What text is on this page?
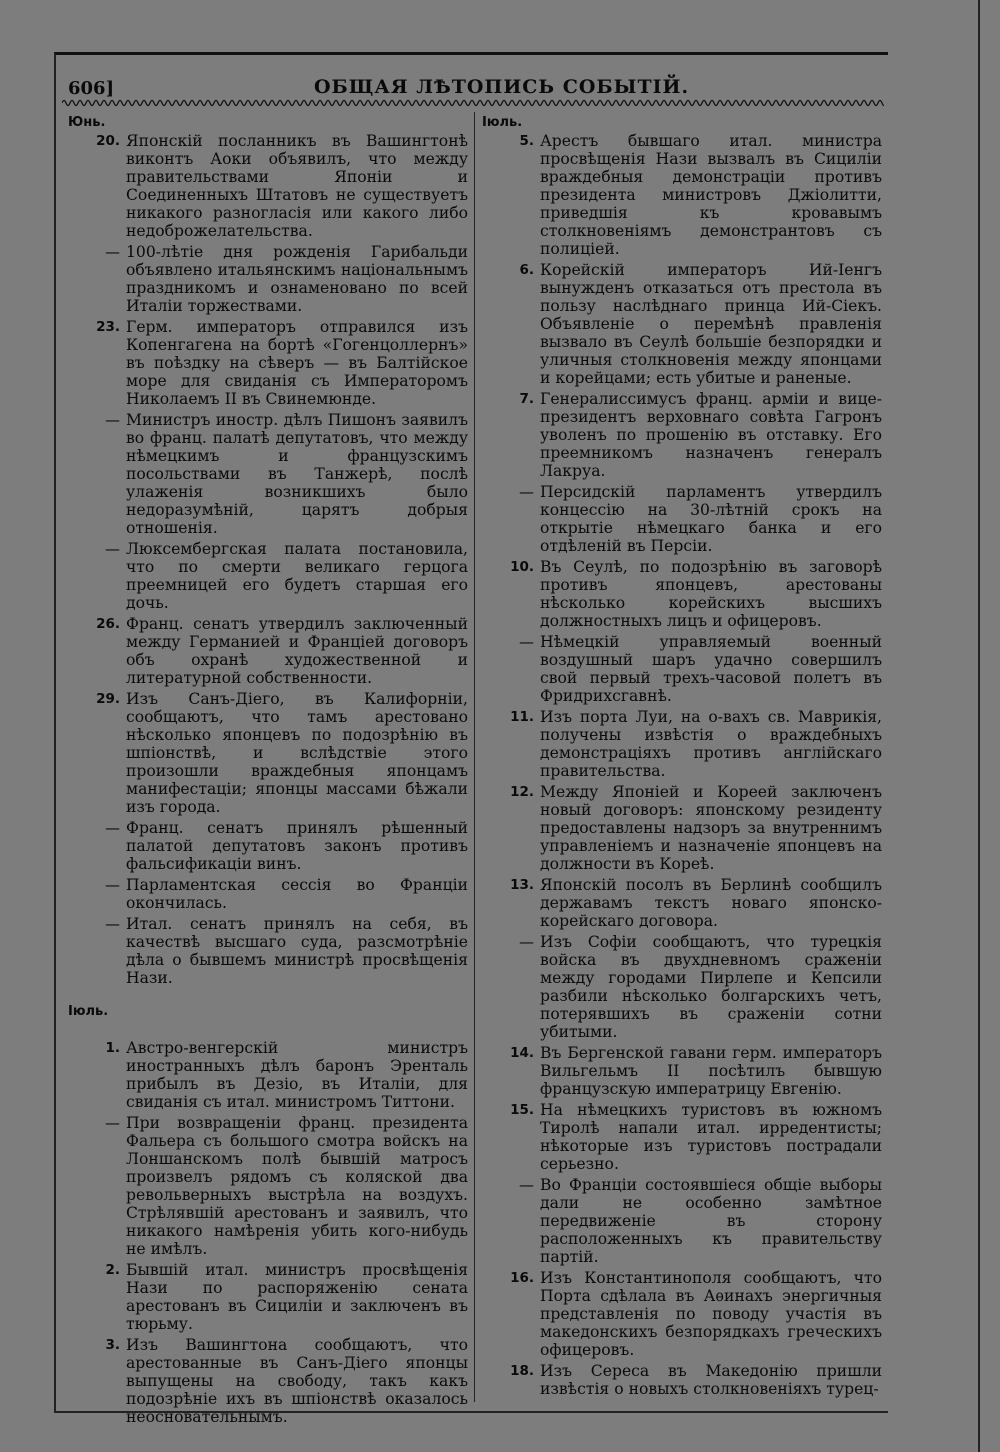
606]	ОБЩАЯ ЛѢТОПИСЬ СОБЫТІЙ.
Юнь.
20. Японскій посланникъ въ Вашингтонѣ виконтъ Аоки объявилъ, что между правительствами Японіи и Соединенныхъ Штатовъ не существуетъ никакого разногласія или какого либо недоброжелательства.
— 100-лѣтіе дня рожденія Гарибальди объявлено итальянскимъ національнымъ праздникомъ и ознаменовано по всей Италіи торжествами.
23. Герм. императоръ отправился изъ Копенгагена на бортѣ «Гогенцоллернъ» въ поѣздку на сѣверъ — въ Балтійское море для свиданія съ Императоромъ Николаемъ II въ Свинемюнде.
— Министръ иностр. дѣлъ Пишонъ заявилъ во франц. палатѣ депутатовъ, что между нѣмецкимъ и французскимъ посольствами въ Танжерѣ, послѣ улаженія возникшихъ было недоразумѣній, царятъ добрыя отношенія.
— Люксембергская палата постановила, что по смерти великаго герцога преемницей его будетъ старшая его дочь.
26. Франц. сенатъ утвердилъ заключенный между Германией и Франціей договоръ объ охранѣ художественной и литературной собственности.
29. Изъ Санъ-Діего, въ Калифорніи, сообщаютъ, что тамъ арестовано нѣсколько японцевъ по подозрѣнію въ шпіонствѣ, и вслѣдствіе этого произошли враждебныя японцамъ манифестаціи; японцы массами бѣжали изъ города.
— Франц. сенатъ принялъ рѣшенный палатой депутатовъ законъ противъ фальсификаціи винъ.
— Парламентская сессія во Франціи окончилась.
— Итал. сенатъ принялъ на себя, въ качествѣ высшаго суда, разсмотрѣніе дѣла о бывшемъ министрѣ просвѣщенія Нази.
Іюль.
1. Австро-венгерскій министръ иностранныхъ дѣлъ баронъ Эренталь прибылъ въ Дезіо, въ Италіи, для свиданія съ итал. министромъ Титтони.
— При возвращеніи франц. президента Фальера съ большого смотра войскъ на Лоншанскомъ полѣ бывшій матросъ произвелъ рядомъ съ коляской два револьверныхъ выстрѣла на воздухъ. Стрѣлявшій арестованъ и заявилъ, что никакого намѣренія убить кого-нибудь не имѣлъ.
2. Бывшій итал. министръ просвѣщенія Нази по распоряженію сената арестованъ въ Сициліи и заключенъ въ тюрьму.
3. Изъ Вашингтона сообщаютъ, что арестованные въ Санъ-Діего японцы выпущены на свободу, такъ какъ подозрѣніе ихъ въ шпіонствѣ оказалось неосновательнымъ.
Іюль.
5. Арестъ бывшаго итал. министра просвѣщенія Нази вызвалъ въ Сициліи враждебныя демонстраціи противъ президента министровъ Джіолитти, приведшія къ кровавымъ столкновеніямъ демонстрантовъ съ полиціей.
6. Корейскій императоръ Ий-Іенгъ вынужденъ отказаться отъ престола въ пользу наслѣднаго принца Ий-Сіекъ. Объявленіе о перемѣнѣ правленія вызвало въ Сеулѣ большіе безпорядки и уличныя столкновенія между японцами и корейцами; есть убитые и раненые.
7. Генералиссимусъ франц. арміи и вице-президентъ верховнаго совѣта Гагронъ уволенъ по прошенію въ отставку. Его преемникомъ назначенъ генералъ Лакруа.
— Персидскій парламентъ утвердилъ концессію на 30-лѣтній срокъ на открытіе нѣмецкаго банка и его отдѣленій въ Персіи.
10. Въ Сеулѣ, по подозрѣнію въ заговорѣ противъ японцевъ, арестованы нѣсколько корейскихъ высшихъ должностныхъ лицъ и офицеровъ.
— Нѣмецкій управляемый военный воздушный шаръ удачно совершилъ свой первый трехъ-часовой полетъ въ Фридрихсгавнѣ.
11. Изъ порта Луи, на о-вахъ св. Маврикія, получены извѣстія о враждебныхъ демонстраціяхъ противъ англійскаго правительства.
12. Между Японіей и Кореей заключенъ новый договоръ: японскому резиденту предоставлены надзоръ за внутреннимъ управленіемъ и назначеніе японцевъ на должности въ Кореѣ.
13. Японскій посолъ въ Берлинѣ сообщилъ державамъ текстъ новаго японско-корейскаго договора.
— Изъ Софіи сообщаютъ, что турецкія войска въ двухдневномъ сраженіи между городами Пирлепе и Кепсили разбили нѣсколько болгарскихъ четъ, потерявшихъ въ сраженіи сотни убитыми.
14. Въ Бергенской гавани герм. императоръ Вильгельмъ II посѣтилъ бывшую французскую императрицу Евгенію.
15. На нѣмецкихъ туристовъ въ южномъ Тиролѣ напали итал. ирредентисты; нѣкоторые изъ туристовъ пострадали серьезно.
— Во Франціи состоявшіеся общіе выборы дали не особенно замѣтное передвиженіе въ сторону расположенныхъ къ правительству партій.
16. Изъ Константинополя сообщаютъ, что Порта сдѣлала въ Аѳинахъ энергичныя представленія по поводу участія въ македонскихъ безпорядкахъ греческихъ офицеровъ.
18. Изъ Сереса въ Македонію пришли извѣстія о новыхъ столкновеніяхъ турец-
